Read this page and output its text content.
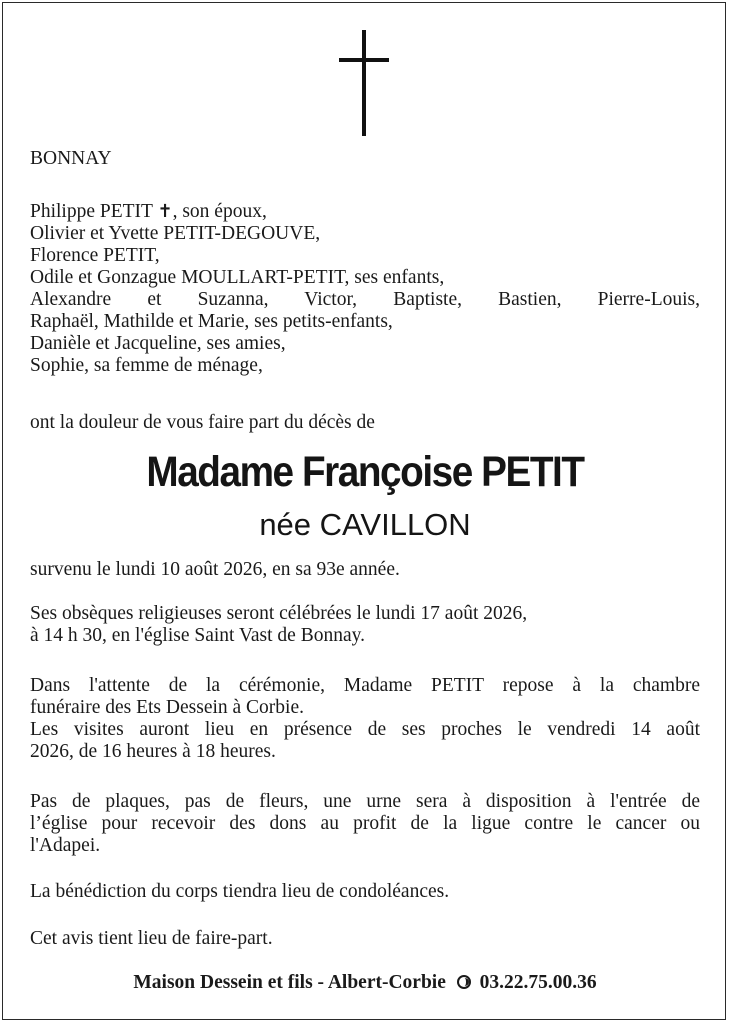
BONNAY
Philippe PETIT ✝, son époux,
Olivier et Yvette PETIT-DEGOUVE,
Florence PETIT,
Odile et Gonzague MOULLART-PETIT, ses enfants,
Alexandre et Suzanna, Victor, Baptiste, Bastien, Pierre-Louis,
Raphaël, Mathilde et Marie, ses petits-enfants,
Danièle et Jacqueline, ses amies,
Sophie, sa femme de ménage,
ont la douleur de vous faire part du décès de
Madame Françoise PETIT
née CAVILLON
survenu le lundi 10 août 2026, en sa 93e année.
Ses obsèques religieuses seront célébrées le lundi 17 août 2026,
à 14 h 30, en l'église Saint Vast de Bonnay.
Dans l'attente de la cérémonie, Madame PETIT repose à la chambre
funéraire des Ets Dessein à Corbie.
Les visites auront lieu en présence de ses proches le vendredi 14 août
2026, de 16 heures à 18 heures.
Pas de plaques, pas de fleurs, une urne sera à disposition à l'entrée de
l’église pour recevoir des dons au profit de la ligue contre le cancer ou
l'Adapei.
La bénédiction du corps tiendra lieu de condoléances.
Cet avis tient lieu de faire-part.
Maison Dessein et fils - Albert-Corbie 03.22.75.00.36
